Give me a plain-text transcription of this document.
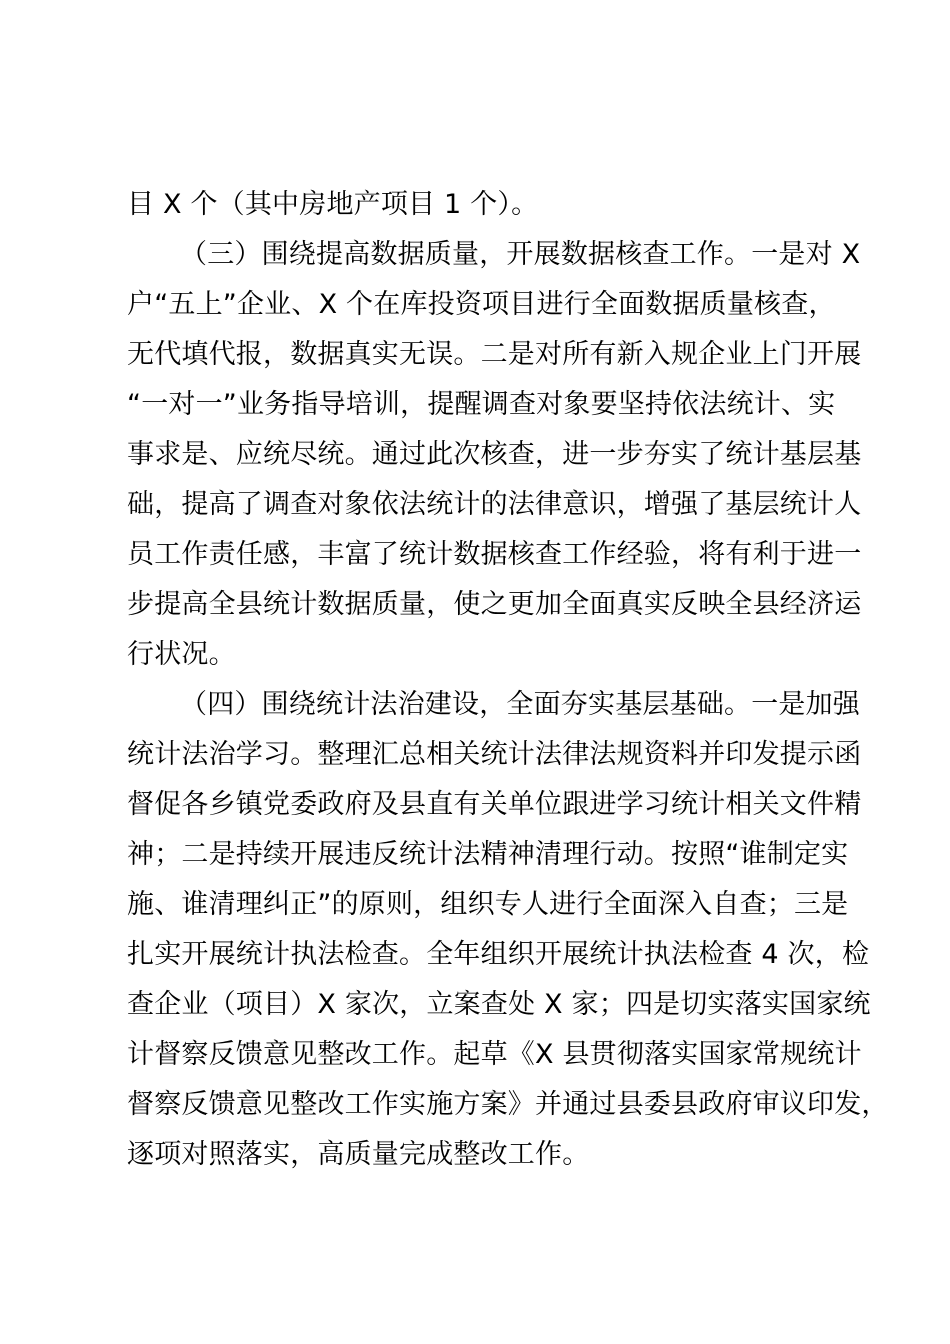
目 X 个（其中房地产项目 1 个）。
（三）围绕提高数据质量，开展数据核查工作。一是对 X
户“五上”企业、X 个在库投资项目进行全面数据质量核查，
无代填代报，数据真实无误。二是对所有新入规企业上门开展
“一对一”业务指导培训，提醒调查对象要坚持依法统计、实
事求是、应统尽统。通过此次核查，进一步夯实了统计基层基
础，提高了调查对象依法统计的法律意识，增强了基层统计人
员工作责任感，丰富了统计数据核查工作经验，将有利于进一
步提高全县统计数据质量，使之更加全面真实反映全县经济运
行状况。
（四）围绕统计法治建设，全面夯实基层基础。一是加强
统计法治学习。整理汇总相关统计法律法规资料并印发提示函
督促各乡镇党委政府及县直有关单位跟进学习统计相关文件精
神；二是持续开展违反统计法精神清理行动。按照“谁制定实
施、谁清理纠正”的原则，组织专人进行全面深入自查；三是
扎实开展统计执法检查。全年组织开展统计执法检查 4 次，检
查企业（项目）X 家次，立案查处 X 家；四是切实落实国家统
计督察反馈意见整改工作。起草《X 县贯彻落实国家常规统计
督察反馈意见整改工作实施方案》并通过县委县政府审议印发，
逐项对照落实，高质量完成整改工作。
